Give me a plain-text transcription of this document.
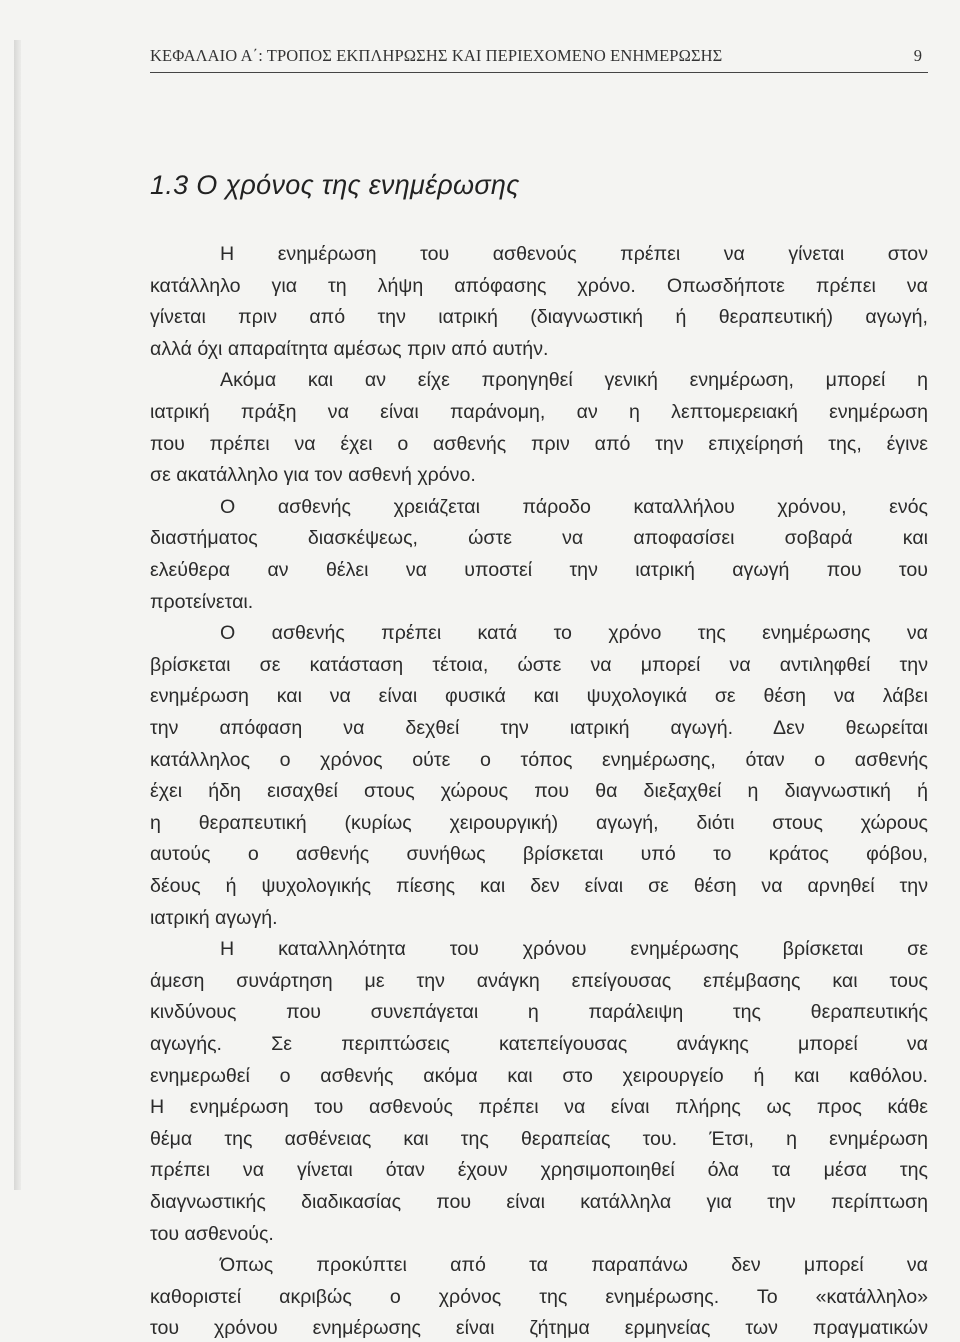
ΚΕΦΑΛΑΙΟ Α΄: ΤΡΟΠΟΣ ΕΚΠΛΗΡΩΣΗΣ ΚΑΙ ΠΕΡΙΕΧΟΜΕΝΟ ΕΝΗΜΕΡΩΣΗΣ	9
1.3 Ο χρόνος της ενημέρωσης
Η ενημέρωση του ασθενούς πρέπει να γίνεται στον
κατάλληλο για τη λήψη απόφασης χρόνο. Οπωσδήποτε πρέπει να
γίνεται πριν από την ιατρική (διαγνωστική ή θεραπευτική) αγωγή,
αλλά όχι απαραίτητα αμέσως πριν από αυτήν.
Ακόμα και αν είχε προηγηθεί γενική ενημέρωση, μπορεί η
ιατρική πράξη να είναι παράνομη, αν η λεπτομερειακή ενημέρωση
που πρέπει να έχει ο ασθενής πριν από την επιχείρησή της, έγινε
σε ακατάλληλο για τον ασθενή χρόνο.
Ο ασθενής χρειάζεται πάροδο καταλλήλου χρόνου, ενός
διαστήματος διασκέψεως, ώστε να αποφασίσει σοβαρά και
ελεύθερα αν θέλει να υποστεί την ιατρική αγωγή που του
προτείνεται.
Ο ασθενής πρέπει κατά το χρόνο της ενημέρωσης να
βρίσκεται σε κατάσταση τέτοια, ώστε να μπορεί να αντιληφθεί την
ενημέρωση και να είναι φυσικά και ψυχολογικά σε θέση να λάβει
την απόφαση να δεχθεί την ιατρική αγωγή. Δεν θεωρείται
κατάλληλος ο χρόνος ούτε ο τόπος ενημέρωσης, όταν ο ασθενής
έχει ήδη εισαχθεί στους χώρους που θα διεξαχθεί η διαγνωστική ή
η θεραπευτική (κυρίως χειρουργική) αγωγή, διότι στους χώρους
αυτούς ο ασθενής συνήθως βρίσκεται υπό το κράτος φόβου,
δέους ή ψυχολογικής πίεσης και δεν είναι σε θέση να αρνηθεί την
ιατρική αγωγή.
Η καταλληλότητα του χρόνου ενημέρωσης βρίσκεται σε
άμεση συνάρτηση με την ανάγκη επείγουσας επέμβασης και τους
κινδύνους που συνεπάγεται η παράλειψη της θεραπευτικής
αγωγής. Σε περιπτώσεις κατεπείγουσας ανάγκης μπορεί να
ενημερωθεί ο ασθενής ακόμα και στο χειρουργείο ή και καθόλου.
Η ενημέρωση του ασθενούς πρέπει να είναι πλήρης ως προς κάθε
θέμα της ασθένειας και της θεραπείας του. Έτσι, η ενημέρωση
πρέπει να γίνεται όταν έχουν χρησιμοποιηθεί όλα τα μέσα της
διαγνωστικής διαδικασίας που είναι κατάλληλα για την περίπτωση
του ασθενούς.
Όπως προκύπτει από τα παραπάνω δεν μπορεί να
καθοριστεί ακριβώς ο χρόνος της ενημέρωσης. Το «κατάλληλο»
του χρόνου ενημέρωσης είναι ζήτημα ερμηνείας των πραγματικών
